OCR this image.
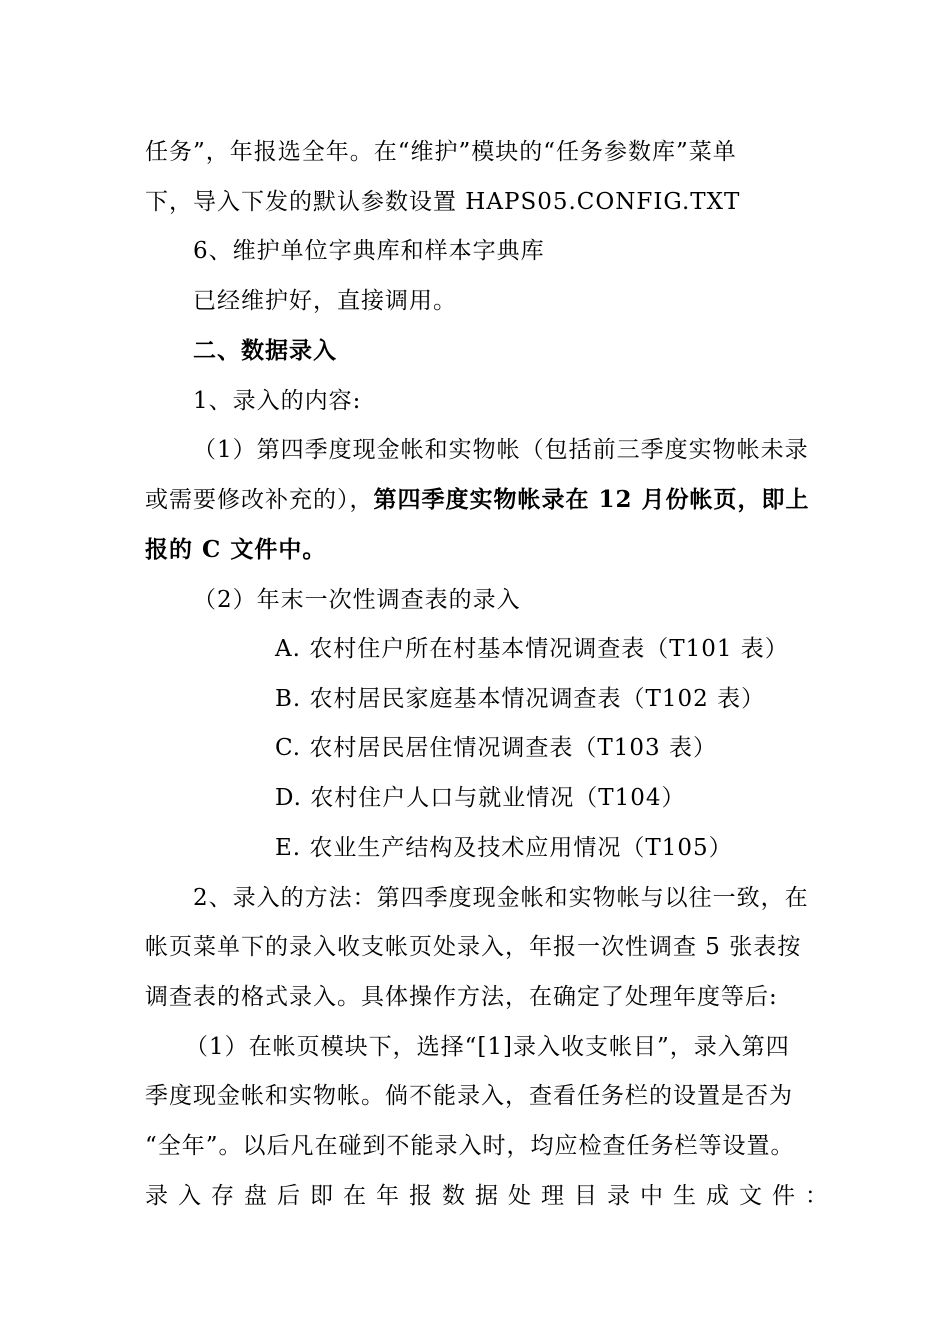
任务”，年报选全年。在“维护”模块的“任务参数库”菜单
下，导入下发的默认参数设置 HAPS05.CONFIG.TXT
6、维护单位字典库和样本字典库
已经维护好，直接调用。
二、数据录入
1、录入的内容:
（1）第四季度现金帐和实物帐（包括前三季度实物帐未录
或需要修改补充的），第四季度实物帐录在 12 月份帐页，即上
报的 C 文件中。
（2）年末一次性调查表的录入
A. 农村住户所在村基本情况调查表（T101 表）
B. 农村居民家庭基本情况调查表（T102 表）
C. 农村居民居住情况调查表（T103 表）
D. 农村住户人口与就业情况（T104）
E. 农业生产结构及技术应用情况（T105）
2、录入的方法：第四季度现金帐和实物帐与以往一致，在
帐页菜单下的录入收支帐页处录入，年报一次性调查 5 张表按
调查表的格式录入。具体操作方法，在确定了处理年度等后:
（1）在帐页模块下，选择“[1]录入收支帐目”，录入第四
季度现金帐和实物帐。倘不能录入，查看任务栏的设置是否为
“全年”。以后凡在碰到不能录入时，均应检查任务栏等设置。
录入存盘后即在年报数据处理目录中生成文件：
